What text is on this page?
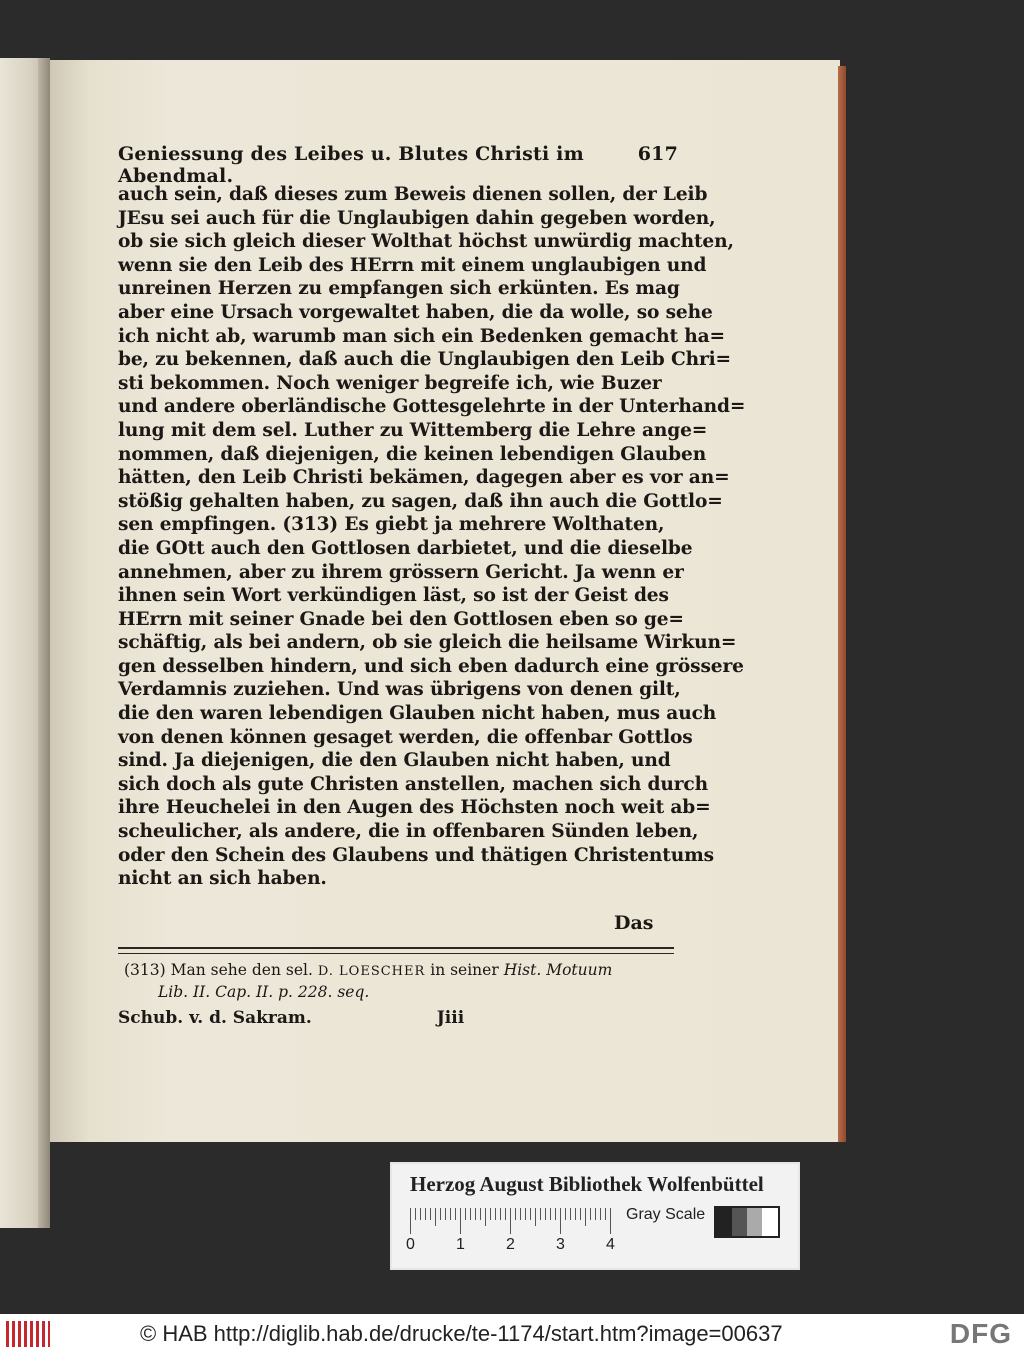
Geniessung des Leibes u. Blutes Christi im Abendmal.
617
auch sein, daß dieses zum Beweis dienen sollen, der Leib
JEsu sei auch für die Unglaubigen dahin gegeben worden,
ob sie sich gleich dieser Wolthat höchst unwürdig machten,
wenn sie den Leib des HErrn mit einem unglaubigen und
unreinen Herzen zu empfangen sich erkünten. Es mag
aber eine Ursach vorgewaltet haben, die da wolle, so sehe
ich nicht ab, warumb man sich ein Bedenken gemacht ha=
be, zu bekennen, daß auch die Unglaubigen den Leib Chri=
sti bekommen. Noch weniger begreife ich, wie Buzer
und andere oberländische Gottesgelehrte in der Unterhand=
lung mit dem sel. Luther zu Wittemberg die Lehre ange=
nommen, daß diejenigen, die keinen lebendigen Glauben
hätten, den Leib Christi bekämen, dagegen aber es vor an=
stößig gehalten haben, zu sagen, daß ihn auch die Gottlo=
sen empfingen. (313) Es giebt ja mehrere Wolthaten,
die GOtt auch den Gottlosen darbietet, und die dieselbe
annehmen, aber zu ihrem grössern Gericht. Ja wenn er
ihnen sein Wort verkündigen läst, so ist der Geist des
HErrn mit seiner Gnade bei den Gottlosen eben so ge=
schäftig, als bei andern, ob sie gleich die heilsame Wirkun=
gen desselben hindern, und sich eben dadurch eine grössere
Verdamnis zuziehen. Und was übrigens von denen gilt,
die den waren lebendigen Glauben nicht haben, mus auch
von denen können gesaget werden, die offenbar Gottlos
sind. Ja diejenigen, die den Glauben nicht haben, und
sich doch als gute Christen anstellen, machen sich durch
ihre Heuchelei in den Augen des Höchsten noch weit ab=
scheulicher, als andere, die in offenbaren Sünden leben,
oder den Schein des Glaubens und thätigen Christentums
nicht an sich haben.
Das
(313) Man sehe den sel. D. LOESCHER in seiner Hist. Motuum
Lib. II. Cap. II. p. 228. seq.
Schub. v. d. Sakram.	Jiii
Herzog August Bibliothek Wolfenbüttel
0	1	2	3	4
Gray Scale
© HAB http://diglib.hab.de/drucke/te-1174/start.htm?image=00637	DFG
